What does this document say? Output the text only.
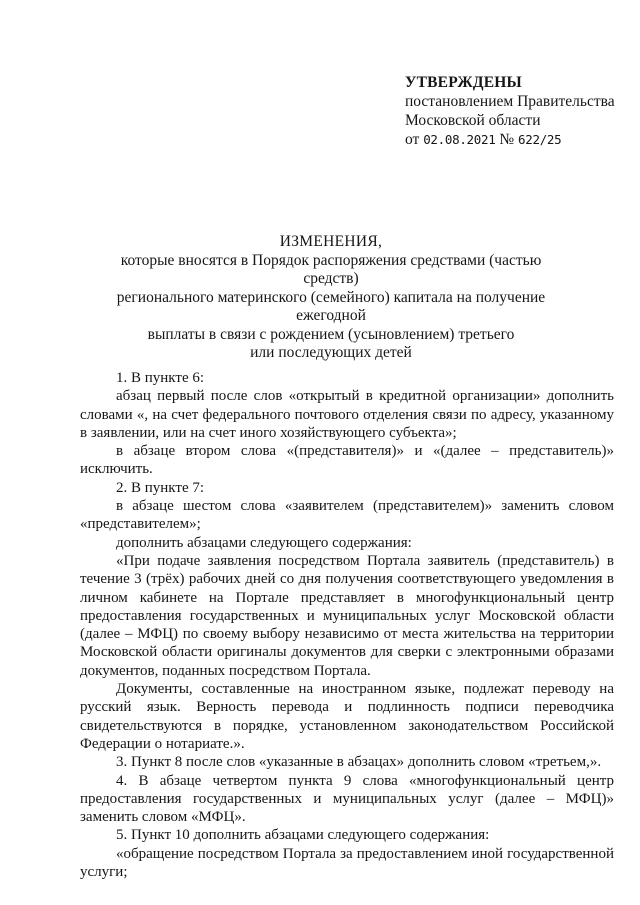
УТВЕРЖДЕНЫ
постановлением Правительства
Московской области
от 02.08.2021 № 622/25
ИЗМЕНЕНИЯ,
которые вносятся в Порядок распоряжения средствами (частью средств)
регионального материнского (семейного) капитала на получение ежегодной
выплаты в связи с рождением (усыновлением) третьего
или последующих детей

1. В пункте 6:

абзац первый после слов «открытый в кредитной организации» дополнить словами «, на счет федерального почтового отделения связи по адресу, указанному в заявлении, или на счет иного хозяйствующего субъекта»;

в абзаце втором слова «(представителя)» и «(далее – представитель)» исключить.

2. В пункте 7:

в абзаце шестом слова «заявителем (представителем)» заменить словом «представителем»;

дополнить абзацами следующего содержания:

«При подаче заявления посредством Портала заявитель (представитель) в течение 3 (трёх) рабочих дней со дня получения соответствующего уведомления в личном кабинете на Портале представляет в многофункциональный центр предоставления государственных и муниципальных услуг Московской области (далее – МФЦ) по своему выбору независимо от места жительства на территории Московской области оригиналы документов для сверки с электронными образами документов, поданных посредством Портала.

Документы, составленные на иностранном языке, подлежат переводу на русский язык. Верность перевода и подлинность подписи переводчика свидетельствуются в порядке, установленном законодательством Российской Федерации о нотариате.».

3. Пункт 8 после слов «указанные в абзацах» дополнить словом «третьем,».

4. В абзаце четвертом пункта 9 слова «многофункциональный центр предоставления государственных и муниципальных услуг (далее – МФЦ)» заменить словом «МФЦ».

5. Пункт 10 дополнить абзацами следующего содержания:

«обращение посредством Портала за предоставлением иной государственной услуги;
